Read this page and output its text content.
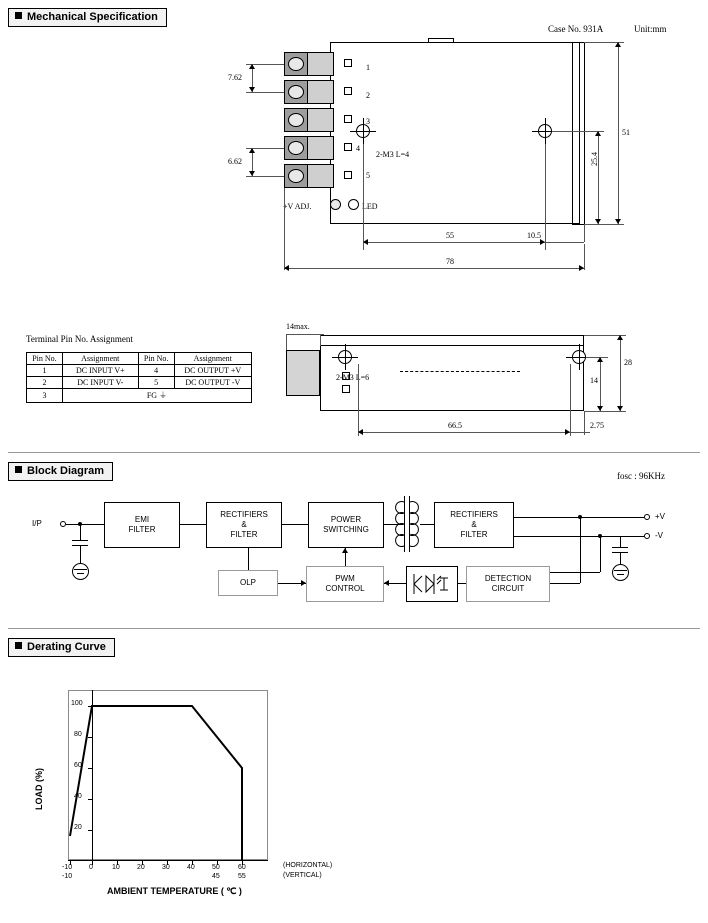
Mechanical Specification
Case No. 931A	Unit:mm
1
2
3
4
5
2-M3 L=4
+V ADJ.	LED
7.62
6.62
51
25.4
55	10.5
78
2-M3 L=6
14max.
28
14
66.5	2.75
Terminal Pin No. Assignment
Pin No.	Assignment	Pin No.	Assignment
1	DC INPUT V+	4	DC OUTPUT +V
2	DC INPUT V-	5	DC OUTPUT -V
3	FG ⏚		
Block Diagram	fosc : 96KHz
I/P	EMI
FILTER
RECTIFIERS
&
FILTER
POWER
SWITCHING
RECTIFIERS
&
FILTER
+V
-V
OLP	PWM
CONTROL
DETECTION
CIRCUIT
Derating Curve
20
40
60
80
100
-10 0	10 20 30 40 50	60
-10	45	55
(HORIZONTAL)
(VERTICAL)
LOAD (%)
AMBIENT TEMPERATURE ( ℃ )
